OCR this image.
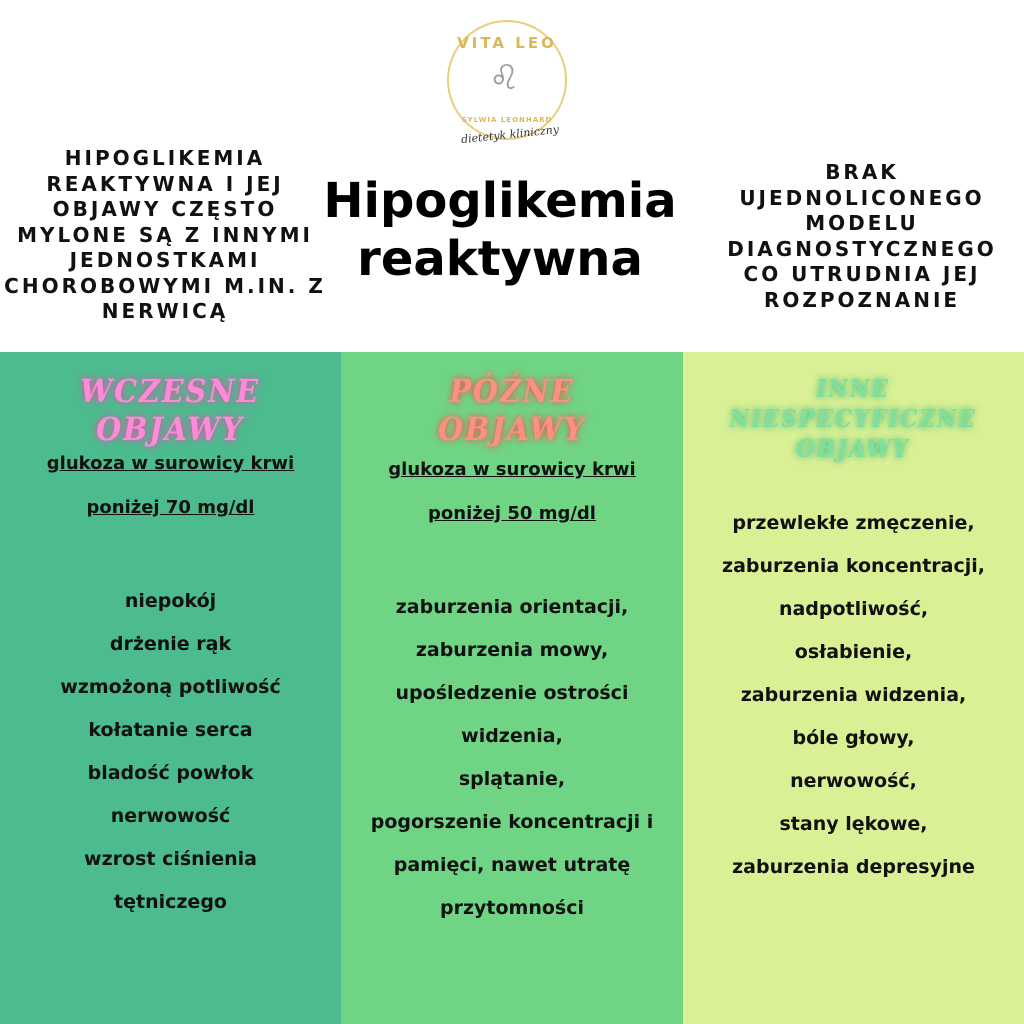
VITA LEO
♌
SYLWIA LEONHARD
dietetyk kliniczny
HIPOGLIKEMIA REAKTYWNA I JEJ OBJAWY CZĘSTO MYLONE SĄ Z INNYMI JEDNOSTKAMI CHOROBOWYMI M.IN. Z NERWICĄ
Hipoglikemia reaktywna
BRAK UJEDNOLICONEGO MODELU DIAGNOSTYCZNEGO CO UTRUDNIA JEJ ROZPOZNANIE
WCZESNE OBJAWY
glukoza w surowicy krwi
poniżej 70 mg/dl
niepokój
drżenie rąk
wzmożoną potliwość
kołatanie serca
bladość powłok
nerwowość
wzrost ciśnienia
tętniczego
PÓŹNE OBJAWY
glukoza w surowicy krwi
poniżej 50 mg/dl
zaburzenia orientacji,
zaburzenia mowy,
upośledzenie ostrości
widzenia,
splątanie,
pogorszenie koncentracji i
pamięci, nawet utratę
przytomności
INNE NIESPECYFICZNE OBJAWY
przewlekłe zmęczenie,
zaburzenia koncentracji,
nadpotliwość,
osłabienie,
zaburzenia widzenia,
bóle głowy,
nerwowość,
stany lękowe,
zaburzenia depresyjne
